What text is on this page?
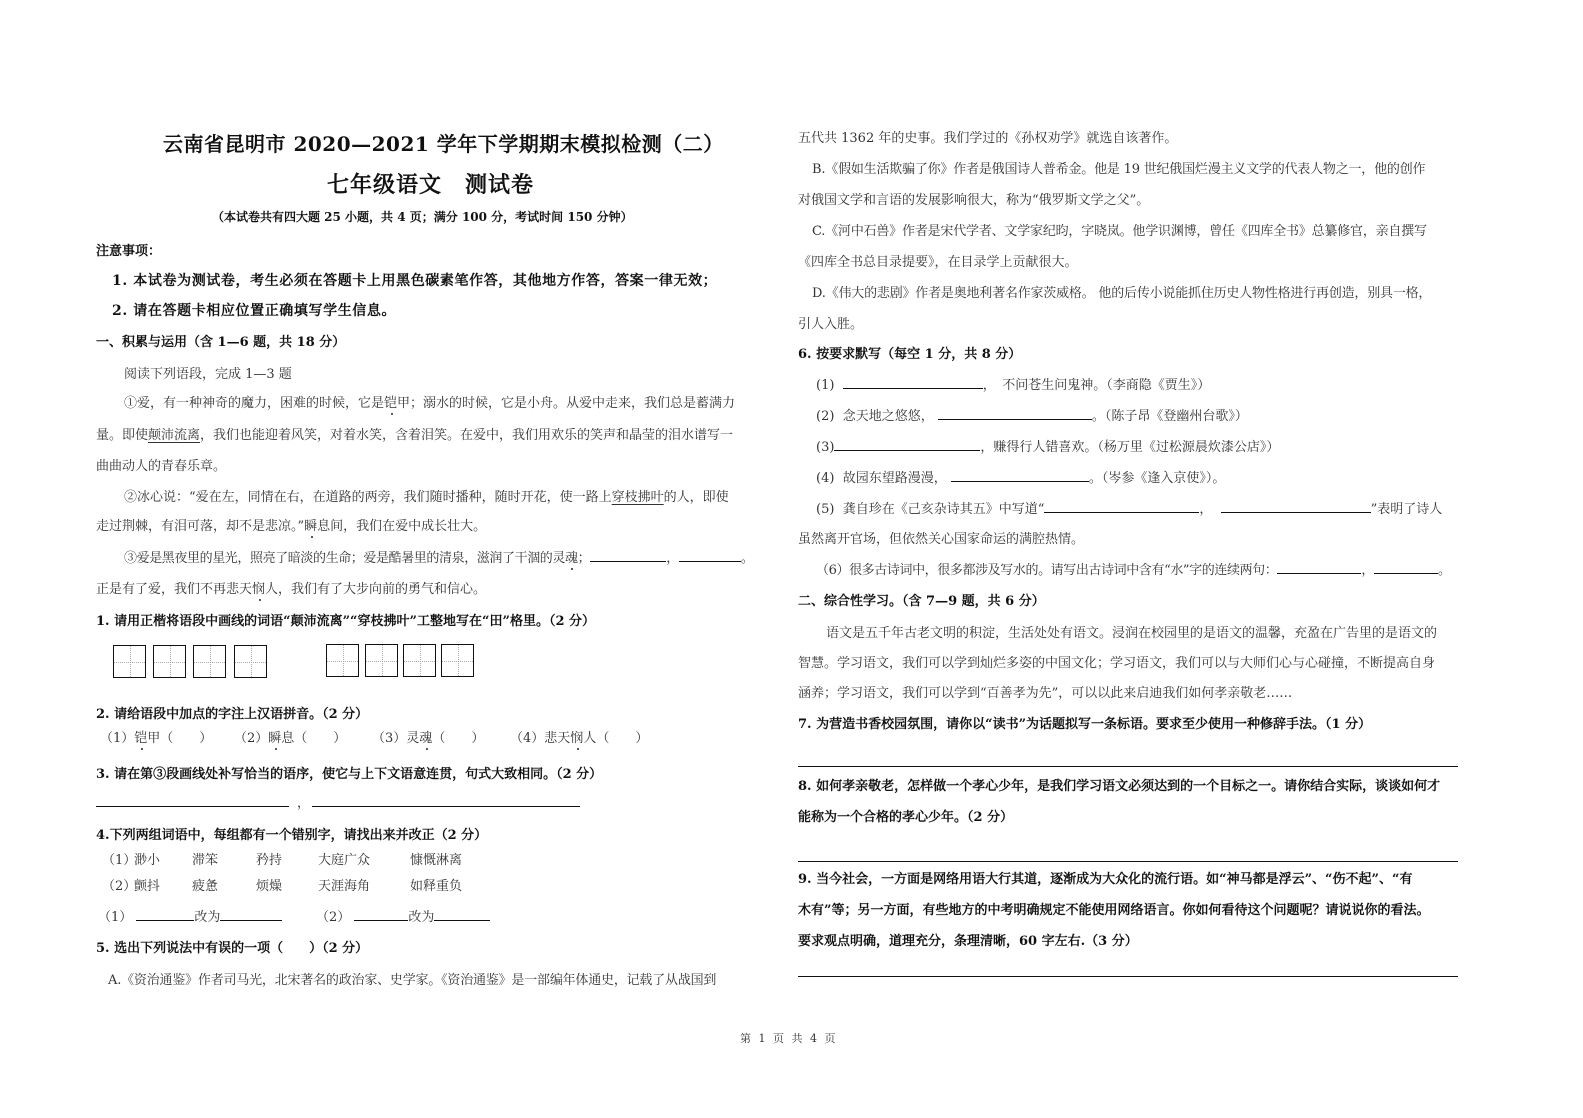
云南省昆明市 2020—2021 学年下学期期末模拟检测（二）
七年级语文　测试卷
（本试卷共有四大题 25 小题，共 4 页；满分 100 分，考试时间 150 分钟）
注意事项：
1. 本试卷为测试卷，考生必须在答题卡上用黑色碳素笔作答，其他地方作答，答案一律无效；
2. 请在答题卡相应位置正确填写学生信息。
一、积累与运用（含 1—6 题，共 18 分）
阅读下列语段，完成 1—3 题
①爱，有一种神奇的魔力，困难的时候，它是铠甲；溺水的时候，它是小舟。从爱中走来，我们总是蓄满力
量。即使颠沛流离，我们也能迎着风笑，对着水笑，含着泪笑。在爱中，我们用欢乐的笑声和晶莹的泪水谱写一
曲曲动人的青春乐章。
②冰心说：“爱在左，同情在右，在道路的两旁，我们随时播种，随时开花，使一路上穿枝拂叶的人，即使
走过荆棘，有泪可落，却不是悲凉。”瞬息间，我们在爱中成长壮大。
③爱是黑夜里的星光，照亮了暗淡的生命；爱是酷暑里的清泉，滋润了干涸的灵魂；	，	。
正是有了爱，我们不再悲天悯人，我们有了大步向前的勇气和信心。
1. 请用正楷将语段中画线的词语“颠沛流离”“穿枝拂叶”工整地写在“田”格里。（2 分）
2. 请给语段中加点的字注上汉语拼音。（2 分）
（1）铠甲（　　） （2）瞬息（　　） （3）灵魂（　　） （4）悲天悯人（　　）
3. 请在第③段画线处补写恰当的语序，使它与上下文语意连贯，句式大致相同。（2 分）
，
4.下列两组词语中，每组都有一个错别字，请找出来并改正（2 分）
（1）
渺小 滞笨	矜持	大庭广众	慷慨淋离
（2）
颤抖 疲惫	烦燥	天涯海角	如释重负
（1）	改为	（2）	改为
5. 选出下列说法中有误的一项（　　）（2 分）
A.《资治通鉴》作者司马光，北宋著名的政治家、史学家。《资治通鉴》是一部编年体通史，记载了从战国到
五代共 1362 年的史事。我们学过的《孙权劝学》就选自该著作。
B.《假如生活欺骗了你》作者是俄国诗人普希金。他是 19 世纪俄国烂漫主义文学的代表人物之一，他的创作
对俄国文学和言语的发展影响很大，称为“俄罗斯文学之父”。
C.《河中石兽》作者是宋代学者、文学家纪昀，字晓岚。他学识渊博，曾任《四库全书》总纂修官，亲自撰写
《四库全书总目录提要》，在目录学上贡献很大。
D.《伟大的悲剧》作者是奥地利著名作家茨威格。 他的后传小说能抓住历史人物性格进行再创造，别具一格，
引人入胜。
6. 按要求默写（每空 1 分，共 8 分）
(1)	，　不问苍生问鬼神。（李商隐《贾生》）
(2) 念天地之悠悠，	。（陈子昂《登幽州台歌》）
(3)	，赚得行人错喜欢。（杨万里《过松源晨炊漆公店》）
(4) 故园东望路漫漫，	。（岑参《逢入京使》）。
(5) 龚自珍在《己亥杂诗其五》中写道“	，	”表明了诗人
虽然离开官场，但依然关心国家命运的满腔热情。
（6）很多古诗词中，很多都涉及写水的。请写出古诗词中含有“水”字的连续两句：	，	。
二、综合性学习。（含 7—9 题，共 6 分）
语文是五千年古老文明的积淀，生活处处有语文。浸润在校园里的是语文的温馨，充盈在广告里的是语文的
智慧。学习语文，我们可以学到灿烂多姿的中国文化；学习语文，我们可以与大师们心与心碰撞，不断提高自身
涵养；学习语文，我们可以学到“百善孝为先”，可以以此来启迪我们如何孝亲敬老……
7. 为营造书香校园氛围，请你以“读书”为话题拟写一条标语。要求至少使用一种修辞手法。（1 分）
8. 如何孝亲敬老，怎样做一个孝心少年，是我们学习语文必须达到的一个目标之一。请你结合实际，谈谈如何才
能称为一个合格的孝心少年。（2 分）
9. 当今社会，一方面是网络用语大行其道，逐渐成为大众化的流行语。如“神马都是浮云”、“伤不起”、“有
木有”等；另一方面，有些地方的中考明确规定不能使用网络语言。你如何看待这个问题呢？请说说你的看法。
要求观点明确，道理充分，条理清晰，60 字左右.（3 分）
第 1 页 共 4 页
